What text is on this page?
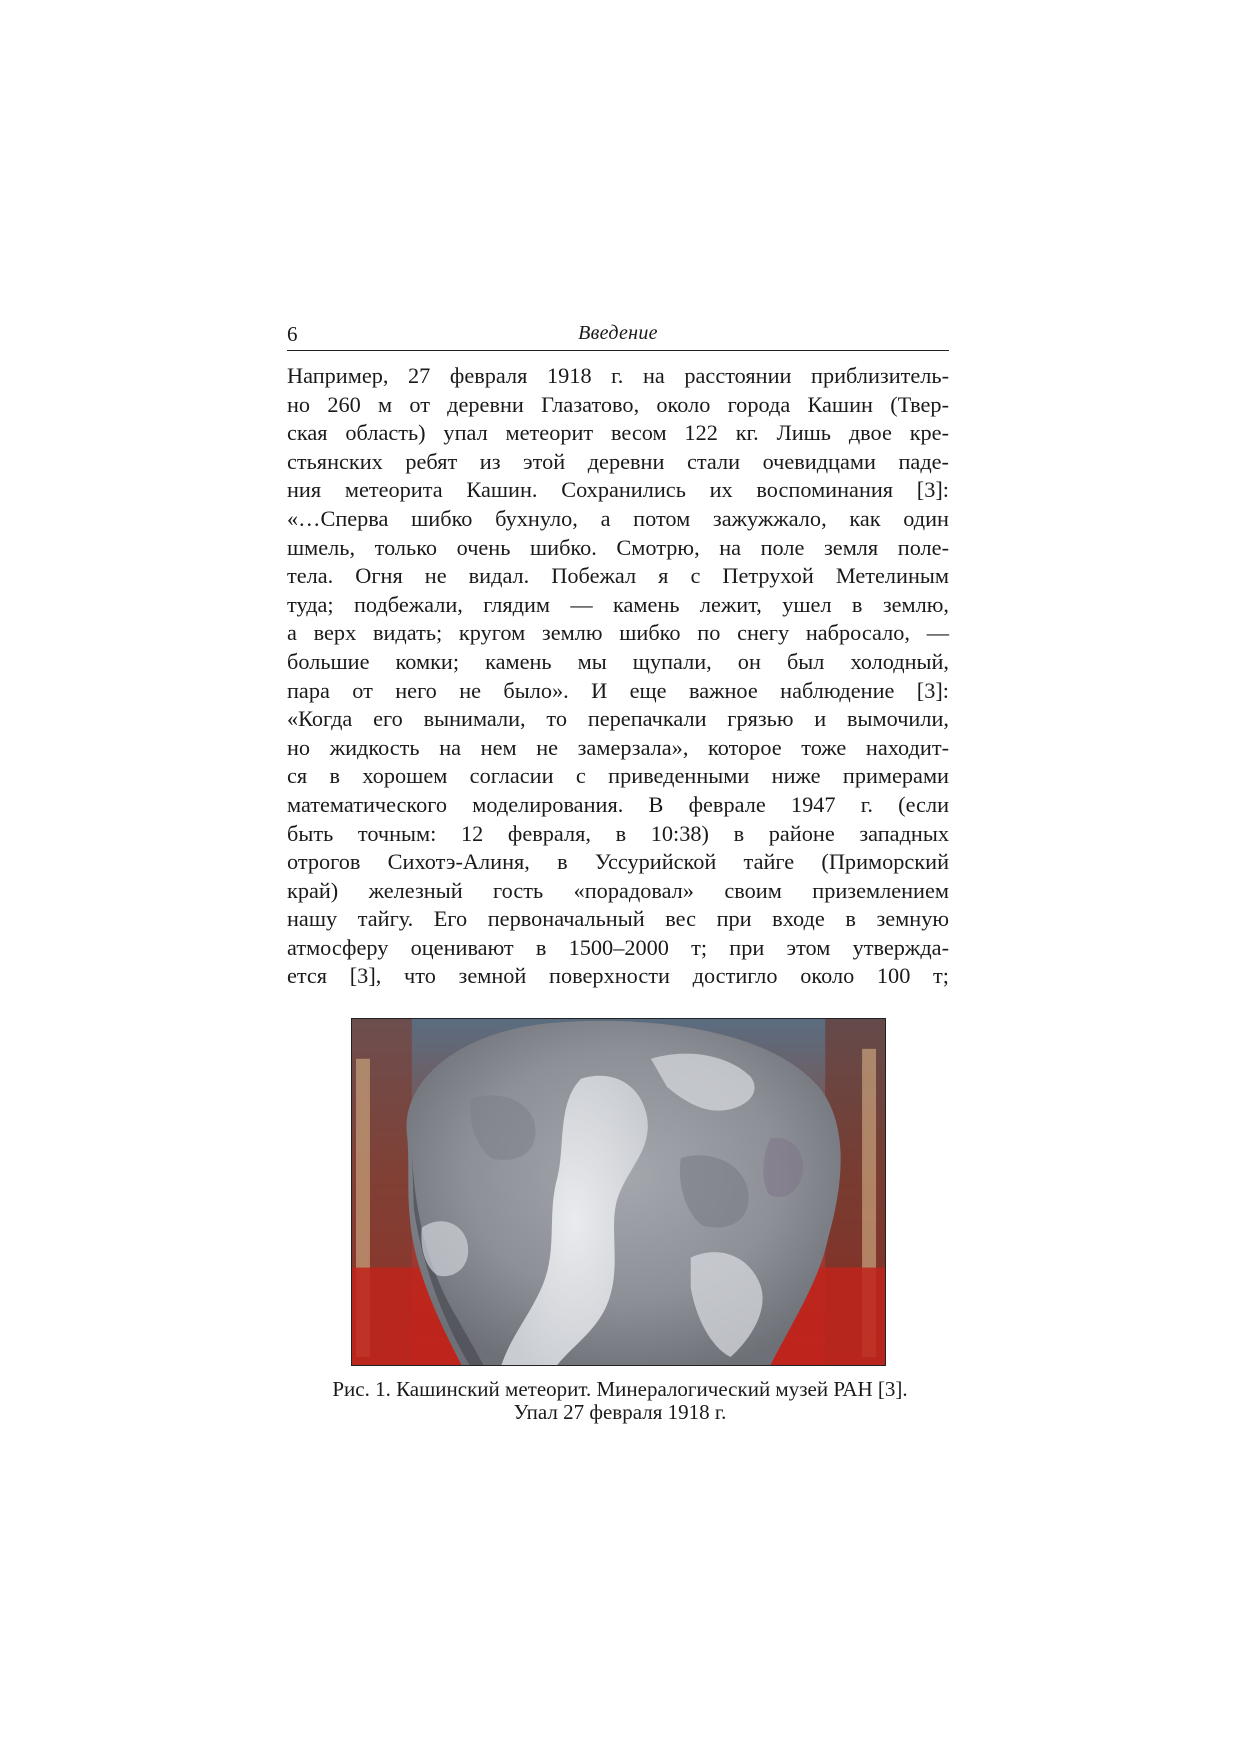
6	Введение
Например, 27 февраля 1918 г. на расстоянии приблизитель-
но 260 м от деревни Глазатово, около города Кашин (Твер-
ская область) упал метеорит весом 122 кг. Лишь двое кре-
стьянских ребят из этой деревни стали очевидцами паде-
ния метеорита Кашин. Сохранились их воспоминания [3]:
«…Сперва шибко бухнуло, а потом зажужжало, как один
шмель, только очень шибко. Смотрю, на поле земля поле-
тела. Огня не видал. Побежал я с Петрухой Метелиным
туда; подбежали, глядим — камень лежит, ушел в землю,
а верх видать; кругом землю шибко по снегу набросало, —
большие комки; камень мы щупали, он был холодный,
пара от него не было». И еще важное наблюдение [3]:
«Когда его вынимали, то перепачкали грязью и вымочили,
но жидкость на нем не замерзала», которое тоже находит-
ся в хорошем согласии с приведенными ниже примерами
математического моделирования. В феврале 1947 г. (если
быть точным: 12 февраля, в 10:38) в районе западных
отрогов Сихотэ-Алиня, в Уссурийской тайге (Приморский
край) железный гость «порадовал» своим приземлением
нашу тайгу. Его первоначальный вес при входе в земную
атмосферу оценивают в 1500–2000 т; при этом утвержда-
ется [3], что земной поверхности достигло около 100 т;
Рис. 1. Кашинский метеорит. Минералогический музей РАН [3].
Упал 27 февраля 1918 г.
